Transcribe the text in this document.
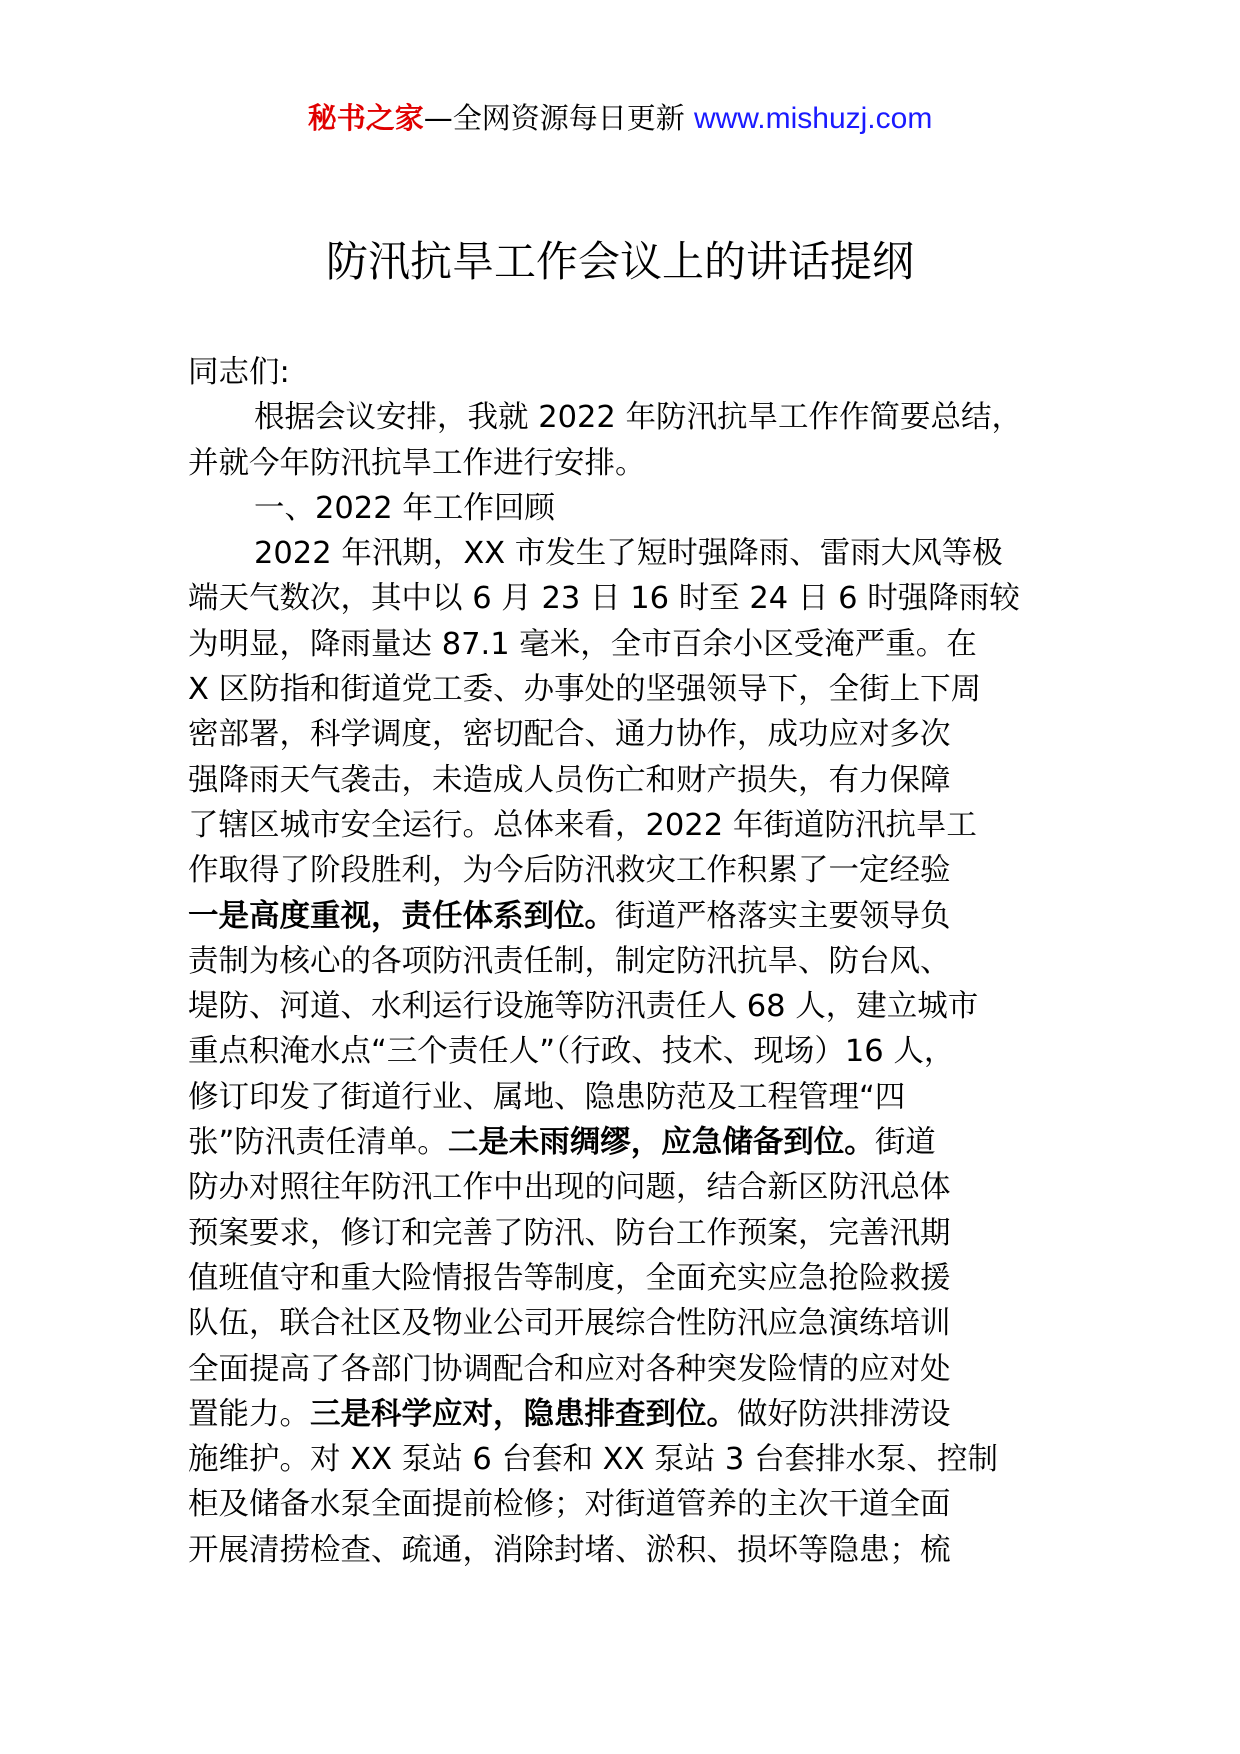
秘书之家—全网资源每日更新 www.mishuzj.com
防汛抗旱工作会议上的讲话提纲
同志们:
根据会议安排，我就 2022 年防汛抗旱工作作简要总结，
并就今年防汛抗旱工作进行安排。
一、2022 年工作回顾
2022 年汛期，XX 市发生了短时强降雨、雷雨大风等极
端天气数次，其中以 6 月 23 日 16 时至 24 日 6 时强降雨较
为明显，降雨量达 87.1 毫米，全市百余小区受淹严重。在
X 区防指和街道党工委、办事处的坚强领导下，全街上下周
密部署，科学调度，密切配合、通力协作，成功应对多次
强降雨天气袭击，未造成人员伤亡和财产损失，有力保障
了辖区城市安全运行。总体来看，2022 年街道防汛抗旱工
作取得了阶段胜利，为今后防汛救灾工作积累了一定经验
一是高度重视，责任体系到位。街道严格落实主要领导负
责制为核心的各项防汛责任制，制定防汛抗旱、防台风、
堤防、河道、水利运行设施等防汛责任人 68 人，建立城市
重点积淹水点“三个责任人”（行政、技术、现场）16 人，
修订印发了街道行业、属地、隐患防范及工程管理“四
张”防汛责任清单。二是未雨绸缪，应急储备到位。街道
防办对照往年防汛工作中出现的问题，结合新区防汛总体
预案要求，修订和完善了防汛、防台工作预案，完善汛期
值班值守和重大险情报告等制度，全面充实应急抢险救援
队伍，联合社区及物业公司开展综合性防汛应急演练培训
全面提高了各部门协调配合和应对各种突发险情的应对处
置能力。三是科学应对，隐患排查到位。做好防洪排涝设
施维护。对 XX 泵站 6 台套和 XX 泵站 3 台套排水泵、控制
柜及储备水泵全面提前检修；对街道管养的主次干道全面
开展清捞检查、疏通，消除封堵、淤积、损坏等隐患；梳
